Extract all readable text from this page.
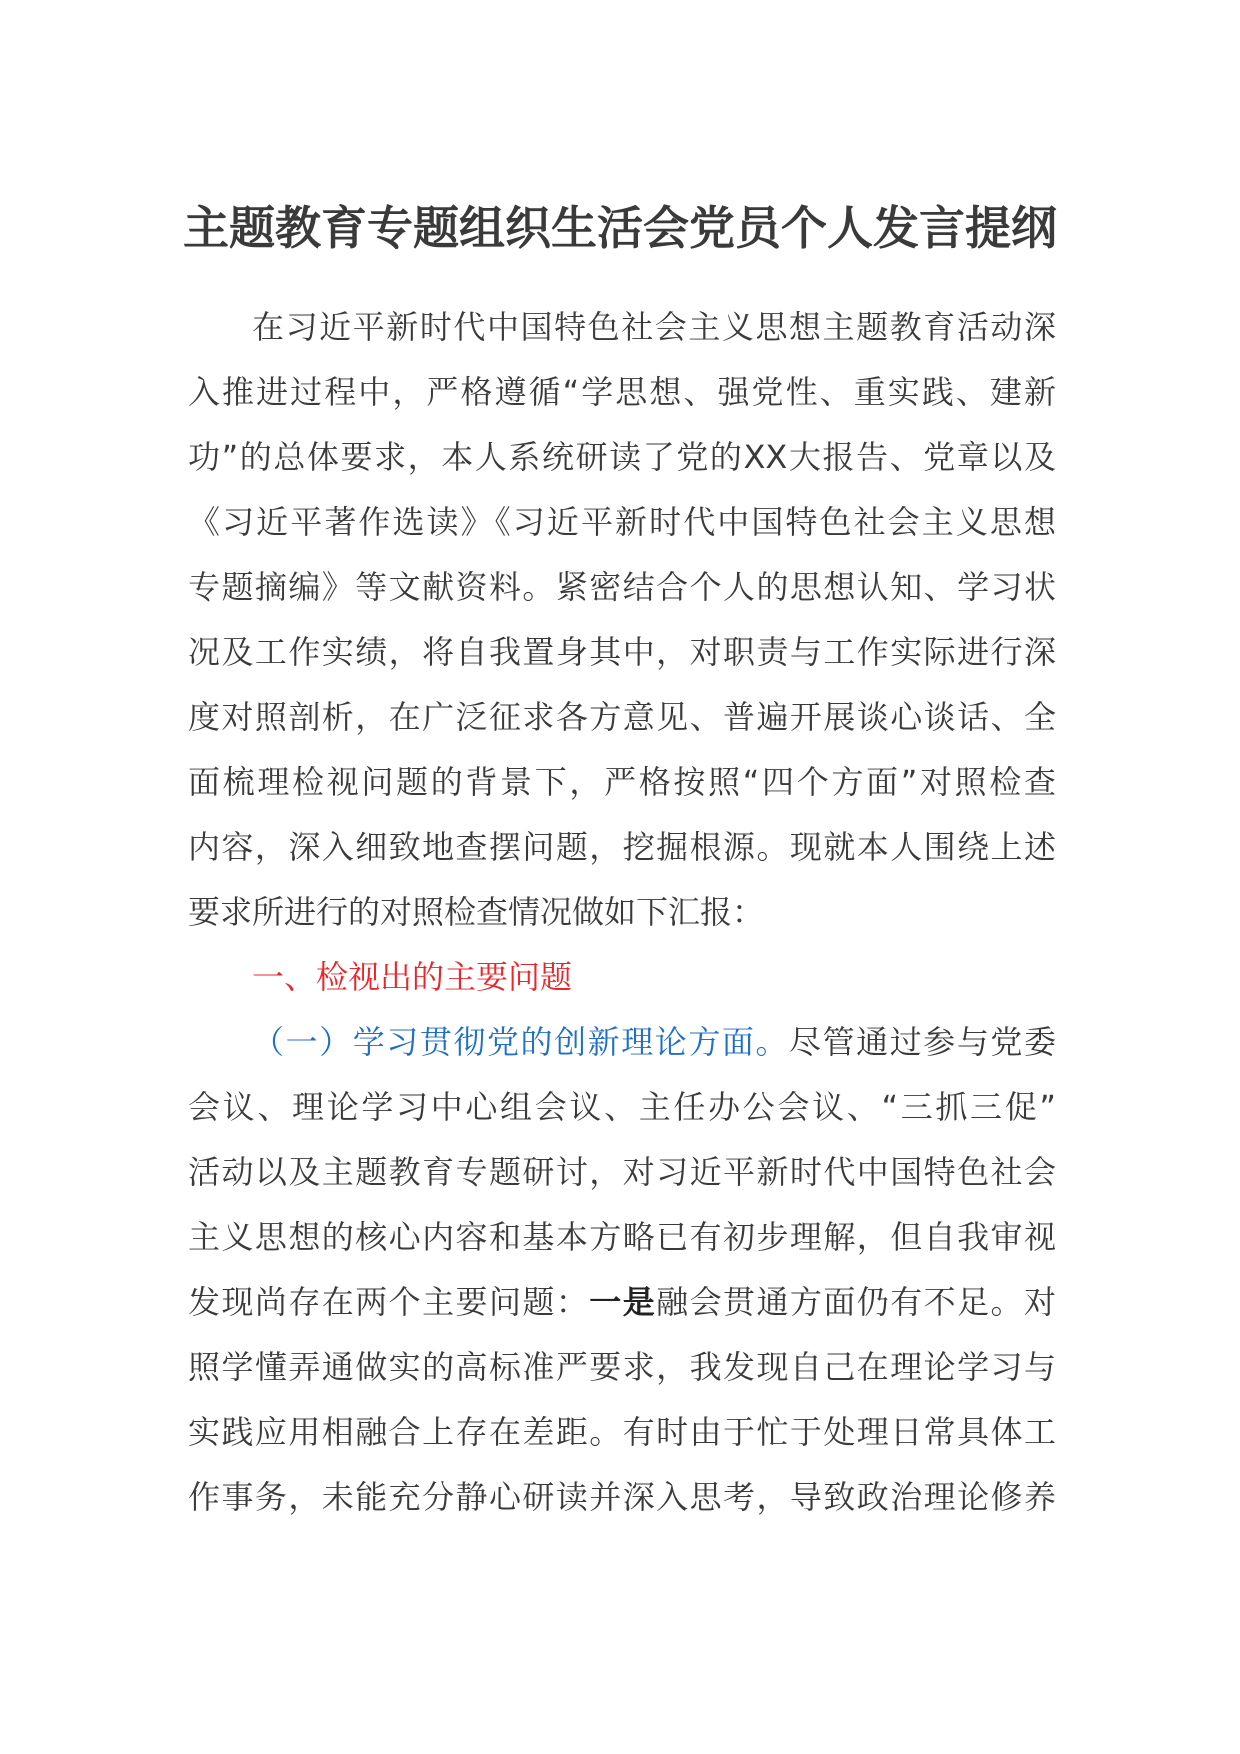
主题教育专题组织生活会党员个人发言提纲
在习近平新时代中国特色社会主义思想主题教育活动深
入推进过程中，严格遵循“学思想、强党性、重实践、建新
功”的总体要求，本人系统研读了党的XX大报告、党章以及
《习近平著作选读》《习近平新时代中国特色社会主义思想
专题摘编》等文献资料。紧密结合个人的思想认知、学习状
况及工作实绩，将自我置身其中，对职责与工作实际进行深
度对照剖析，在广泛征求各方意见、普遍开展谈心谈话、全
面梳理检视问题的背景下，严格按照“四个方面”对照检查
内容，深入细致地查摆问题，挖掘根源。现就本人围绕上述
要求所进行的对照检查情况做如下汇报：
一、检视出的主要问题
（一）学习贯彻党的创新理论方面。尽管通过参与党委
会议、理论学习中心组会议、主任办公会议、“三抓三促”
活动以及主题教育专题研讨，对习近平新时代中国特色社会
主义思想的核心内容和基本方略已有初步理解，但自我审视
发现尚存在两个主要问题：一是融会贯通方面仍有不足。对
照学懂弄通做实的高标准严要求，我发现自己在理论学习与
实践应用相融合上存在差距。有时由于忙于处理日常具体工
作事务，未能充分静心研读并深入思考，导致政治理论修养
